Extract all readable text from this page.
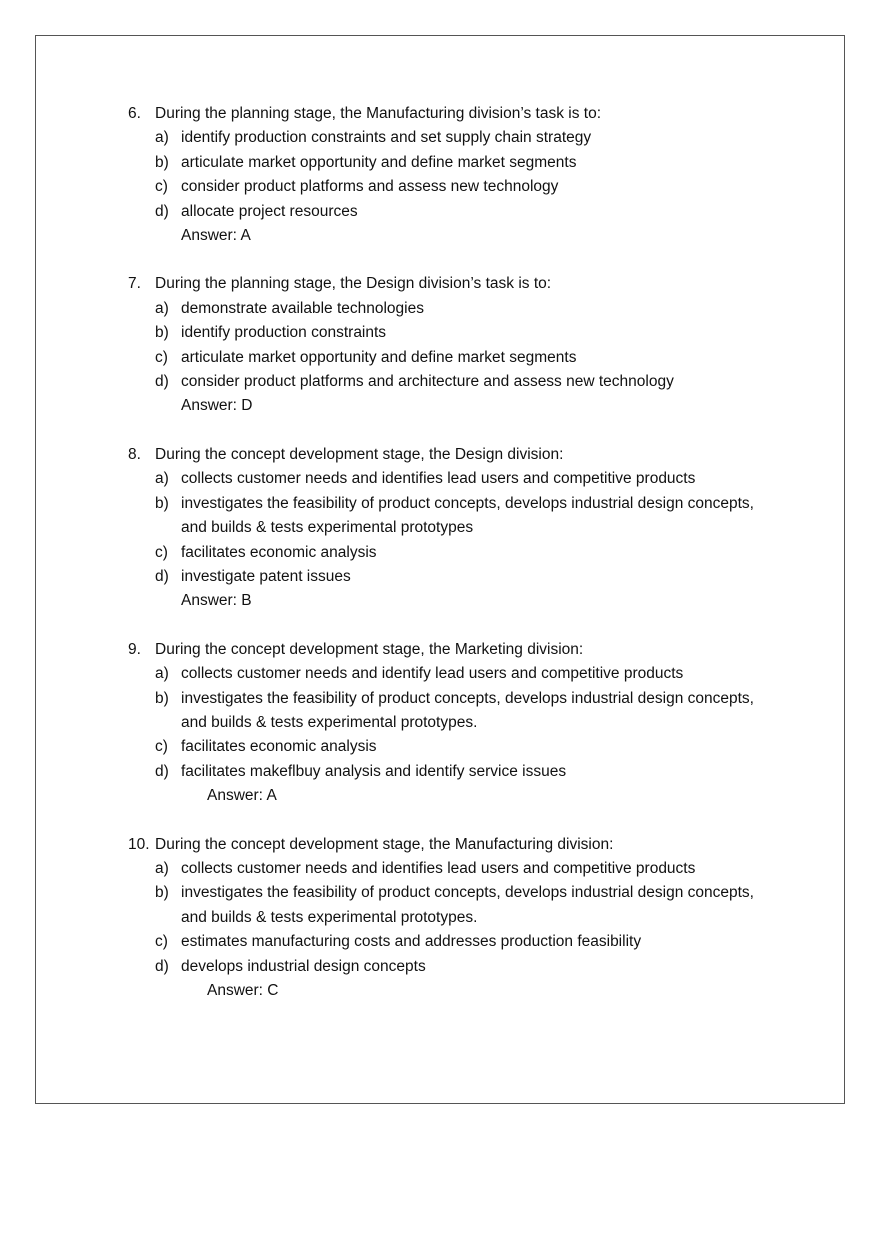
6. During the planning stage, the Manufacturing division’s task is to:
a) identify production constraints and set supply chain strategy
b) articulate market opportunity and define market segments
c) consider product platforms and assess new technology
d) allocate project resources
Answer: A
7. During the planning stage, the Design division’s task is to:
a) demonstrate available technologies
b) identify production constraints
c) articulate market opportunity and define market segments
d) consider product platforms and architecture and assess new technology
Answer: D
8. During the concept development stage, the Design division:
a) collects customer needs and identifies lead users and competitive products
b) investigates the feasibility of product concepts, develops industrial design concepts, and builds & tests experimental prototypes
c) facilitates economic analysis
d) investigate patent issues
Answer: B
9. During the concept development stage, the Marketing division:
a) collects customer needs and identify lead users and competitive products
b) investigates the feasibility of product concepts, develops industrial design concepts, and builds & tests experimental prototypes.
c) facilitates economic analysis
d) facilitates makeflbuy analysis and identify service issues
Answer: A
10. During the concept development stage, the Manufacturing division:
a) collects customer needs and identifies lead users and competitive products
b) investigates the feasibility of product concepts, develops industrial design concepts, and builds & tests experimental prototypes.
c) estimates manufacturing costs and addresses production feasibility
d) develops industrial design concepts
Answer: C
